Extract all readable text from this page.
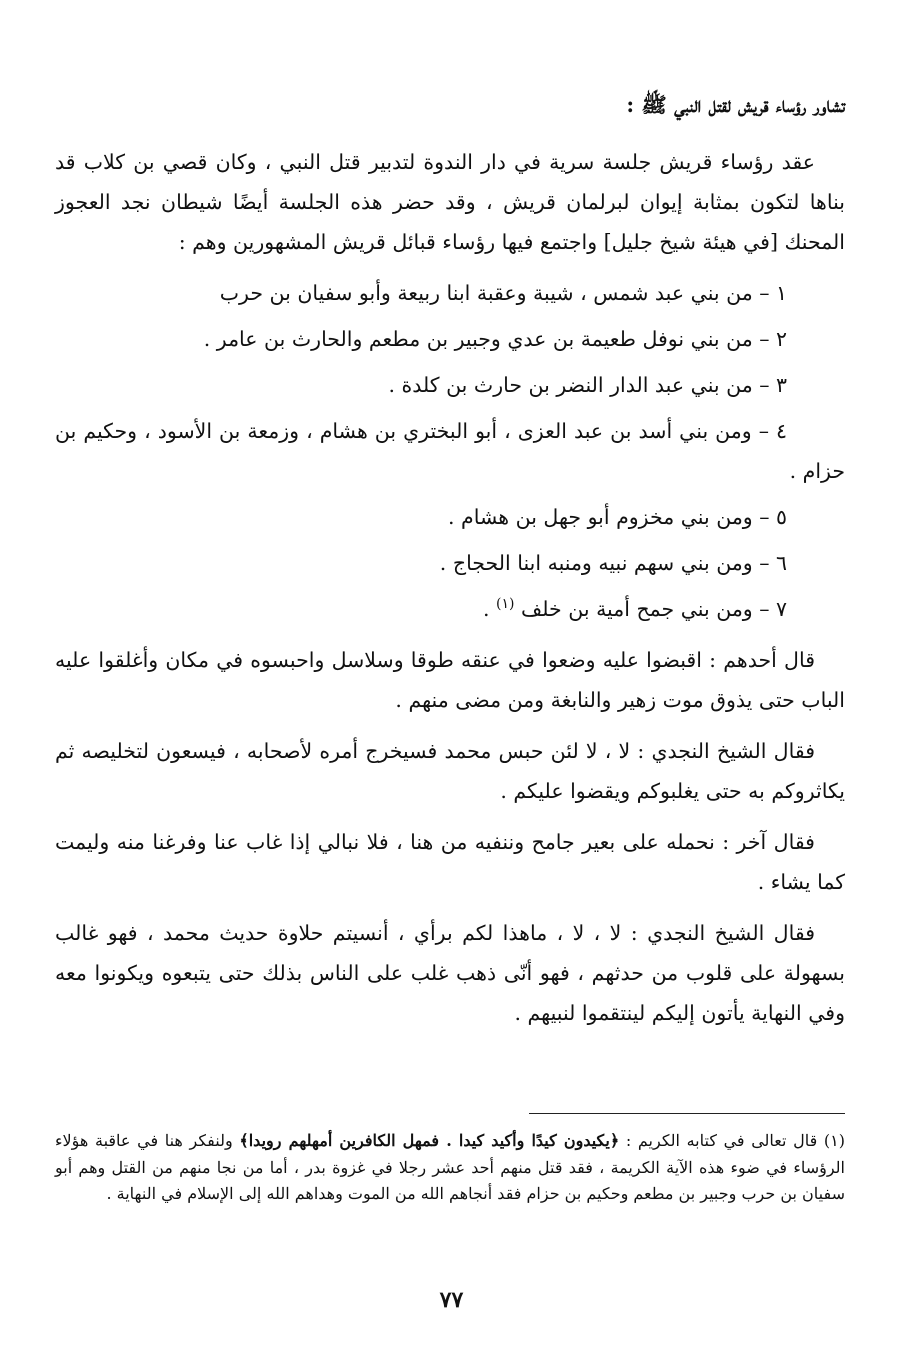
تشاور رؤساء قريش لقتل النبي ﷺ :

عقد رؤساء قريش جلسة سرية في دار الندوة لتدبير قتل النبي ، وكان قصي بن كلاب قد بناها لتكون بمثابة إيوان لبرلمان قريش ، وقد حضر هذه الجلسة أيضًا شيطان نجد العجوز المحنك [في هيئة شيخ جليل] واجتمع فيها رؤساء قبائل قريش المشهورين وهم :

١ – من بني عبد شمس ، شيبة وعقبة ابنا ربيعة وأبو سفيان بن حرب

٢ – من بني نوفل طعيمة بن عدي وجبير بن مطعم والحارث بن عامر .

٣ – من بني عبد الدار النضر بن حارث بن كلدة .

٤ – ومن بني أسد بن عبد العزى ، أبو البختري بن هشام ، وزمعة بن الأسود ، وحكيم بن حزام .

٥ – ومن بني مخزوم أبو جهل بن هشام .

٦ – ومن بني سهم نبيه ومنبه ابنا الحجاج .

٧ – ومن بني جمح أمية بن خلف $^{(١)}$ .

قال أحدهم : اقبضوا عليه وضعوا في عنقه طوقا وسلاسل واحبسوه في مكان وأغلقوا عليه الباب حتى يذوق موت زهير والنابغة ومن مضى منهم .

فقال الشيخ النجدي : لا ، لا لئن حبس محمد فسيخرج أمره لأصحابه ، فيسعون لتخليصه ثم يكاثروكم به حتى يغلبوكم ويقضوا عليكم .

فقال آخر : نحمله على بعير جامح وننفيه من هنا ، فلا نبالي إذا غاب عنا وفرغنا منه وليمت كما يشاء .

فقال الشيخ النجدي : لا ، لا ، ماهذا لكم برأي ، أنسيتم حلاوة حديث محمد ، فهو غالب بسهولة على قلوب من حدثهم ، فهو أنّى ذهب غلب على الناس بذلك حتى يتبعوه ويكونوا معه وفي النهاية يأتون إليكم لينتقموا لنبيهم .

(١) قال تعالى في كتابه الكريم : ﴿يكيدون كيدًا وأكيد كيدا . فمهل الكافرين أمهلهم رويدا﴾ ولنفكر هنا في عاقبة هؤلاء الرؤساء في ضوء هذه الآية الكريمة ، فقد قتل منهم أحد عشر رجلا في غزوة بدر ، أما من نجا منهم من القتل وهم أبو سفيان بن حرب وجبير بن مطعم وحكيم بن حزام فقد أنجاهم الله من الموت وهداهم الله إلى الإسلام في النهاية .
٧٧
